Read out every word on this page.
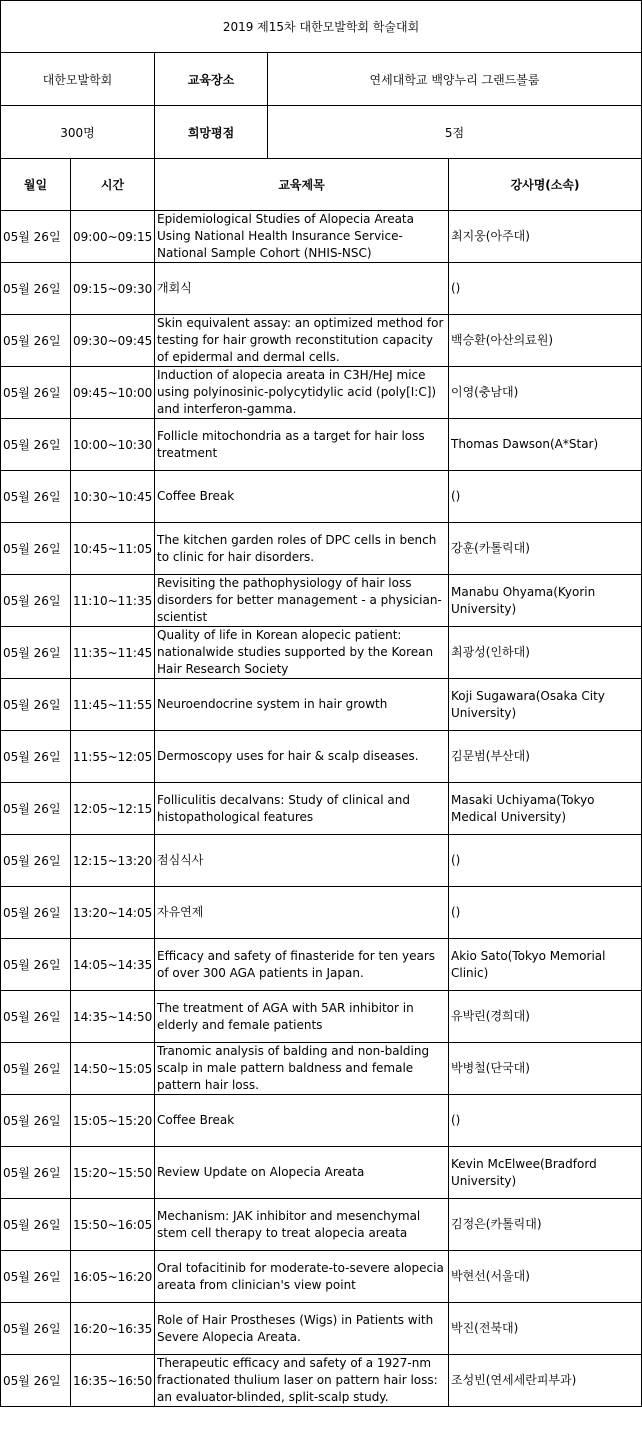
2019 제15차 대한모발학회 학술대회		
대한모발학회	교육장소	연세대학교 백양누리 그랜드볼룸
300명	희망평점	5점
월일	시간	교육제목	강사명(소속)
05월 26일	09:00~09:15	Epidemiological Studies of Alopecia Areata Using National Health Insurance Service-National Sample Cohort (NHIS-NSC)	최지웅(아주대)
05월 26일	09:15~09:30	개회식	()
05월 26일	09:30~09:45	Skin equivalent assay: an optimized method for testing for hair growth reconstitution capacity of epidermal and dermal cells.	백승환(아산의료원)
05월 26일	09:45~10:00	Induction of alopecia areata in C3H/HeJ mice using polyinosinic-polycytidylic acid (poly[I:C]) and interferon-gamma.	이영(충남대)
05월 26일	10:00~10:30	Follicle mitochondria as a target for hair loss treatment	Thomas Dawson(A*Star)
05월 26일	10:30~10:45	Coffee Break	()
05월 26일	10:45~11:05	The kitchen garden roles of DPC cells in bench to clinic for hair disorders.	강훈(카톨릭대)
05월 26일	11:10~11:35	Revisiting the pathophysiology of hair loss disorders for better management - a physician-scientist	Manabu Ohyama(Kyorin University)
05월 26일	11:35~11:45	Quality of life in Korean alopecic patient: nationalwide studies supported by the Korean Hair Research Society	최광성(인하대)
05월 26일	11:45~11:55	Neuroendocrine system in hair growth	Koji Sugawara(Osaka City University)
05월 26일	11:55~12:05	Dermoscopy uses for hair & scalp diseases.	김문범(부산대)
05월 26일	12:05~12:15	Folliculitis decalvans: Study of clinical and histopathological features	Masaki Uchiyama(Tokyo Medical University)
05월 26일	12:15~13:20	점심식사	()
05월 26일	13:20~14:05	자유연제	()
05월 26일	14:05~14:35	Efficacy and safety of finasteride for ten years of over 300 AGA patients in Japan.	Akio Sato(Tokyo Memorial Clinic)
05월 26일	14:35~14:50	The treatment of AGA with 5AR inhibitor in elderly and female patients	유박린(경희대)
05월 26일	14:50~15:05	Tranomic analysis of balding and non-balding scalp in male pattern baldness and female pattern hair loss.	박병철(단국대)
05월 26일	15:05~15:20	Coffee Break	()
05월 26일	15:20~15:50	Review Update on Alopecia Areata	Kevin McElwee(Bradford University)
05월 26일	15:50~16:05	Mechanism: JAK inhibitor and mesenchymal stem cell therapy to treat alopecia areata	김정은(카톨릭대)
05월 26일	16:05~16:20	Oral tofacitinib for moderate-to-severe alopecia areata from clinician's view point	박현선(서울대)
05월 26일	16:20~16:35	Role of Hair Prostheses (Wigs) in Patients with Severe Alopecia Areata.	박진(전북대)
05월 26일	16:35~16:50	Therapeutic efficacy and safety of a 1927-nm fractionated thulium laser on pattern hair loss: an evaluator-blinded, split-scalp study.	조성빈(연세세란피부과)
